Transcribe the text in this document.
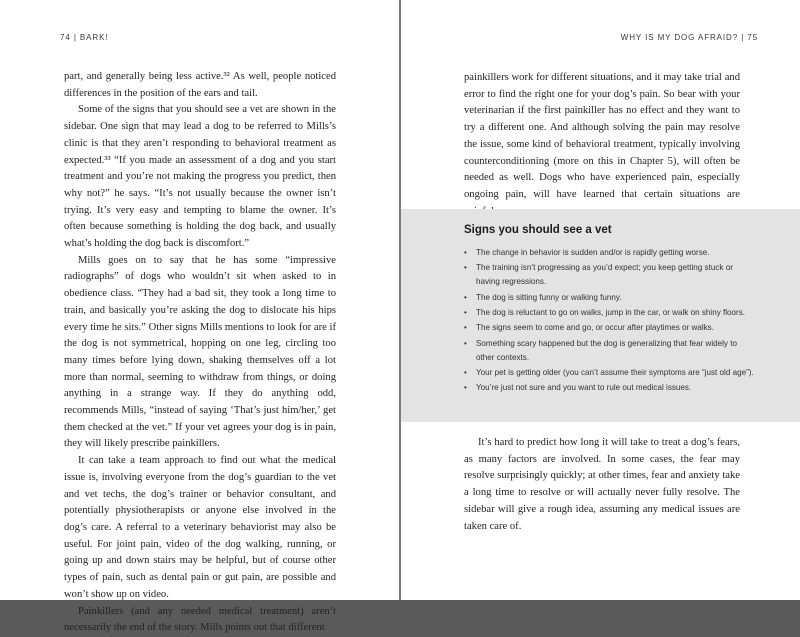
74 | BARK!

part, and generally being less active.³² As well, people noticed differences in the position of the ears and tail.

Some of the signs that you should see a vet are shown in the sidebar. One sign that may lead a dog to be referred to Mills’s clinic is that they aren’t responding to behavioral treatment as expected.³³ “If you made an assessment of a dog and you start treatment and you’re not making the progress you predict, then why not?” he says. “It’s not usually because the owner isn’t trying. It’s very easy and tempting to blame the owner. It’s often because something is holding the dog back, and usually what’s holding the dog back is discomfort.”

Mills goes on to say that he has some “impressive radiographs” of dogs who wouldn’t sit when asked to in obedience class. “They had a bad sit, they took a long time to train, and basically you’re asking the dog to dislocate his hips every time he sits.” Other signs Mills mentions to look for are if the dog is not symmetrical, hopping on one leg, circling too many times before lying down, shaking themselves off a lot more than normal, seeming to withdraw from things, or doing anything in a strange way. If they do anything odd, recommends Mills, “instead of saying ‘That’s just him/her,’ get them checked at the vet.” If your vet agrees your dog is in pain, they will likely prescribe painkillers.

It can take a team approach to find out what the medical issue is, involving everyone from the dog’s guardian to the vet and vet techs, the dog’s trainer or behavior consultant, and potentially physiotherapists or anyone else involved in the dog’s care. A referral to a veterinary behaviorist may also be useful. For joint pain, video of the dog walking, running, or going up and down stairs may be helpful, but of course other types of pain, such as dental pain or gut pain, are possible and won’t show up on video.

Painkillers (and any needed medical treatment) aren’t necessarily the end of the story. Mills points out that different

WHY IS MY DOG AFRAID? | 75

painkillers work for different situations, and it may take trial and error to find the right one for your dog’s pain. So bear with your veterinarian if the first painkiller has no effect and they want to try a different one. And although solving the pain may resolve the issue, some kind of behavioral treatment, typically involving counterconditioning (more on this in Chapter 5), will often be needed as well. Dogs who have experienced pain, especially ongoing pain, will have learned that certain situations are

Signs you should see a vet
• The change in behavior is sudden and/or is rapidly getting worse.
• The training isn’t progressing as you’d expect; you keep getting stuck or having regressions.
• The dog is sitting funny or walking funny.
• The dog is reluctant to go on walks, jump in the car, or walk on shiny floors.
• The signs seem to come and go, or occur after playtimes or walks.
• Something scary happened but the dog is generalizing that fear widely to other contexts.
• Your pet is getting older (you can’t assume their symptoms are “just old age”).
• You’re just not sure and you want to rule out medical issues.

It’s hard to predict how long it will take to treat a dog’s fears, as many factors are involved. In some cases, the fear may resolve surprisingly quickly; at other times, fear and anxiety take a long time to resolve or will actually never fully resolve. The sidebar will give a rough idea, assuming any medical issues are taken care of.
